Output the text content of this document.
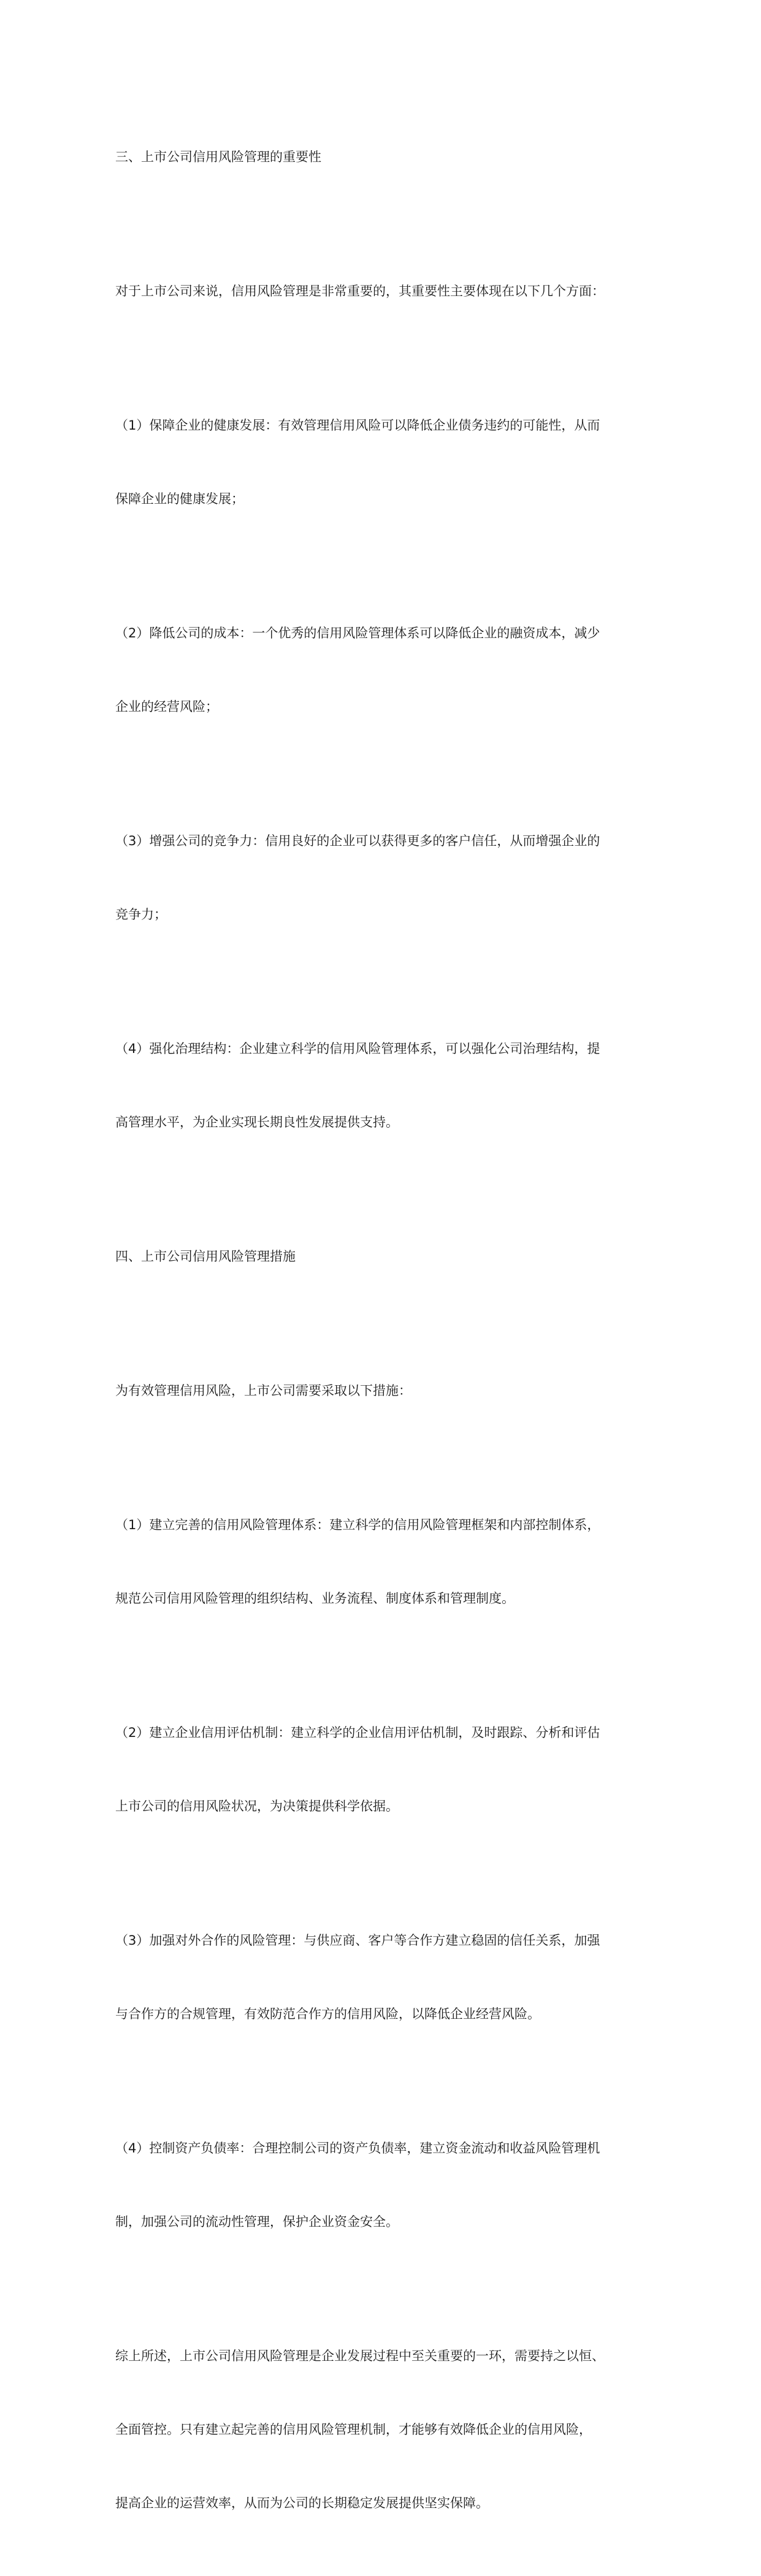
三、上市公司信用风险管理的重要性

对于上市公司来说，信用风险管理是非常重要的，其重要性主要体现在以下几个方面：

（1）保障企业的健康发展：有效管理信用风险可以降低企业债务违约的可能性，从而

保障企业的健康发展；

（2）降低公司的成本：一个优秀的信用风险管理体系可以降低企业的融资成本，减少

企业的经营风险；

（3）增强公司的竞争力：信用良好的企业可以获得更多的客户信任，从而增强企业的

竞争力；

（4）强化治理结构：企业建立科学的信用风险管理体系，可以强化公司治理结构，提

高管理水平，为企业实现长期良性发展提供支持。

四、上市公司信用风险管理措施

为有效管理信用风险，上市公司需要采取以下措施：

（1）建立完善的信用风险管理体系：建立科学的信用风险管理框架和内部控制体系，

规范公司信用风险管理的组织结构、业务流程、制度体系和管理制度。

（2）建立企业信用评估机制：建立科学的企业信用评估机制，及时跟踪、分析和评估

上市公司的信用风险状况，为决策提供科学依据。

（3）加强对外合作的风险管理：与供应商、客户等合作方建立稳固的信任关系，加强

与合作方的合规管理，有效防范合作方的信用风险，以降低企业经营风险。

（4）控制资产负债率：合理控制公司的资产负债率，建立资金流动和收益风险管理机

制，加强公司的流动性管理，保护企业资金安全。

综上所述，上市公司信用风险管理是企业发展过程中至关重要的一环，需要持之以恒、

全面管控。只有建立起完善的信用风险管理机制，才能够有效降低企业的信用风险，

提高企业的运营效率，从而为公司的长期稳定发展提供坚实保障。
